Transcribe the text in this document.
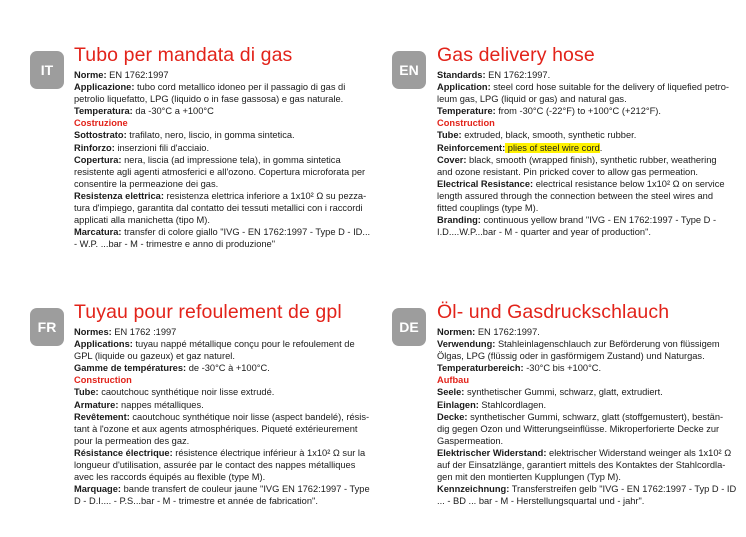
IT
Tubo per mandata di gas

Norme: EN 1762:1997

Applicazione: tubo cord metallico idoneo per il passagio di gas di

petrolio liquefatto, LPG (liquido o in fase gassosa) e gas naturale.

Temperatura: da -30°C a +100°C

Costruzione

Sottostrato: trafilato, nero, liscio, in gomma sintetica.

Rinforzo: inserzioni fili d'acciaio.

Copertura: nera, liscia (ad impressione tela), in gomma sintetica

resistente agli agenti atmosferici e all'ozono. Copertura microforata per

consentire la permeazione dei gas.

Resistenza elettrica: resistenza elettrica inferiore a 1x10² Ω su pezza-

tura d'impiego, garantita dal contatto dei tessuti metallici con i raccordi

applicati alla manichetta (tipo M).

Marcatura: transfer di colore giallo "IVG - EN 1762:1997 - Type D - ID...

- W.P. ...bar - M - trimestre e anno di produzione"

EN
Gas delivery hose

Standards: EN 1762:1997.

Application: steel cord hose suitable for the delivery of liquefied petro-

leum gas, LPG (liquid or gas) and natural gas.

Temperature: from -30°C (-22°F) to +100°C (+212°F).

Construction

Tube: extruded, black, smooth, synthetic rubber.

Reinforcement: plies of steel wire cord.

Cover: black, smooth (wrapped finish), synthetic rubber, weathering

and ozone resistant. Pin pricked cover to allow gas permeation.

Electrical Resistance: electrical resistance below 1x10² Ω on service

length assured through the connection between the steel wires and

fitted couplings (type M).

Branding: continuous yellow brand "IVG - EN 1762:1997 - Type D -

I.D....W.P...bar - M - quarter and year of production".

FR
Tuyau pour refoulement de gpl

Normes: EN 1762 :1997

Applications: tuyau nappé métallique conçu pour le refoulement de

GPL (liquide ou gazeux) et gaz naturel.

Gamme de températures: de -30°C à +100°C.

Construction

Tube: caoutchouc synthétique noir lisse extrudé.

Armature: nappes métalliques.

Revêtement: caoutchouc synthétique noir lisse (aspect bandelé), résis-

tant à l'ozone et aux agents atmosphériques. Piqueté extérieurement

pour la permeation des gaz.

Résistance électrique: résistence électrique inférieur à 1x10² Ω sur la

longueur d'utilisation, assurée par le contact des nappes métalliques

avec les raccords équipés au flexible (type M).

Marquage: bande transfert de couleur jaune "IVG EN 1762:1997 - Type

D - D.I.... - P.S...bar - M - trimestre et année de fabrication".

DE
Öl- und Gasdruckschlauch

Normen: EN 1762:1997.

Verwendung: Stahleinlagenschlauch zur Beförderung von flüssigem

Ölgas, LPG (flüssig oder in gasförmigem Zustand) und Naturgas.

Temperaturbereich: -30°C bis +100°C.

Aufbau

Seele: synthetischer Gummi, schwarz, glatt, extrudiert.

Einlagen: Stahlcordlagen.

Decke: synthetischer Gummi, schwarz, glatt (stoffgemustert), bestän-

dig gegen Ozon und Witterungseinflüsse. Mikroperforierte Decke zur

Gaspermeation.

Elektrischer Widerstand: elektrischer Widerstand weinger als 1x10² Ω

auf der Einsatzlänge, garantiert mittels des Kontaktes der Stahlcordla-

gen mit den montierten Kupplungen (Typ M).

Kennzeichnung: Transferstreifen gelb "IVG - EN 1762:1997 - Typ D - ID

... - BD ... bar - M - Herstellungsquartal und - jahr".
